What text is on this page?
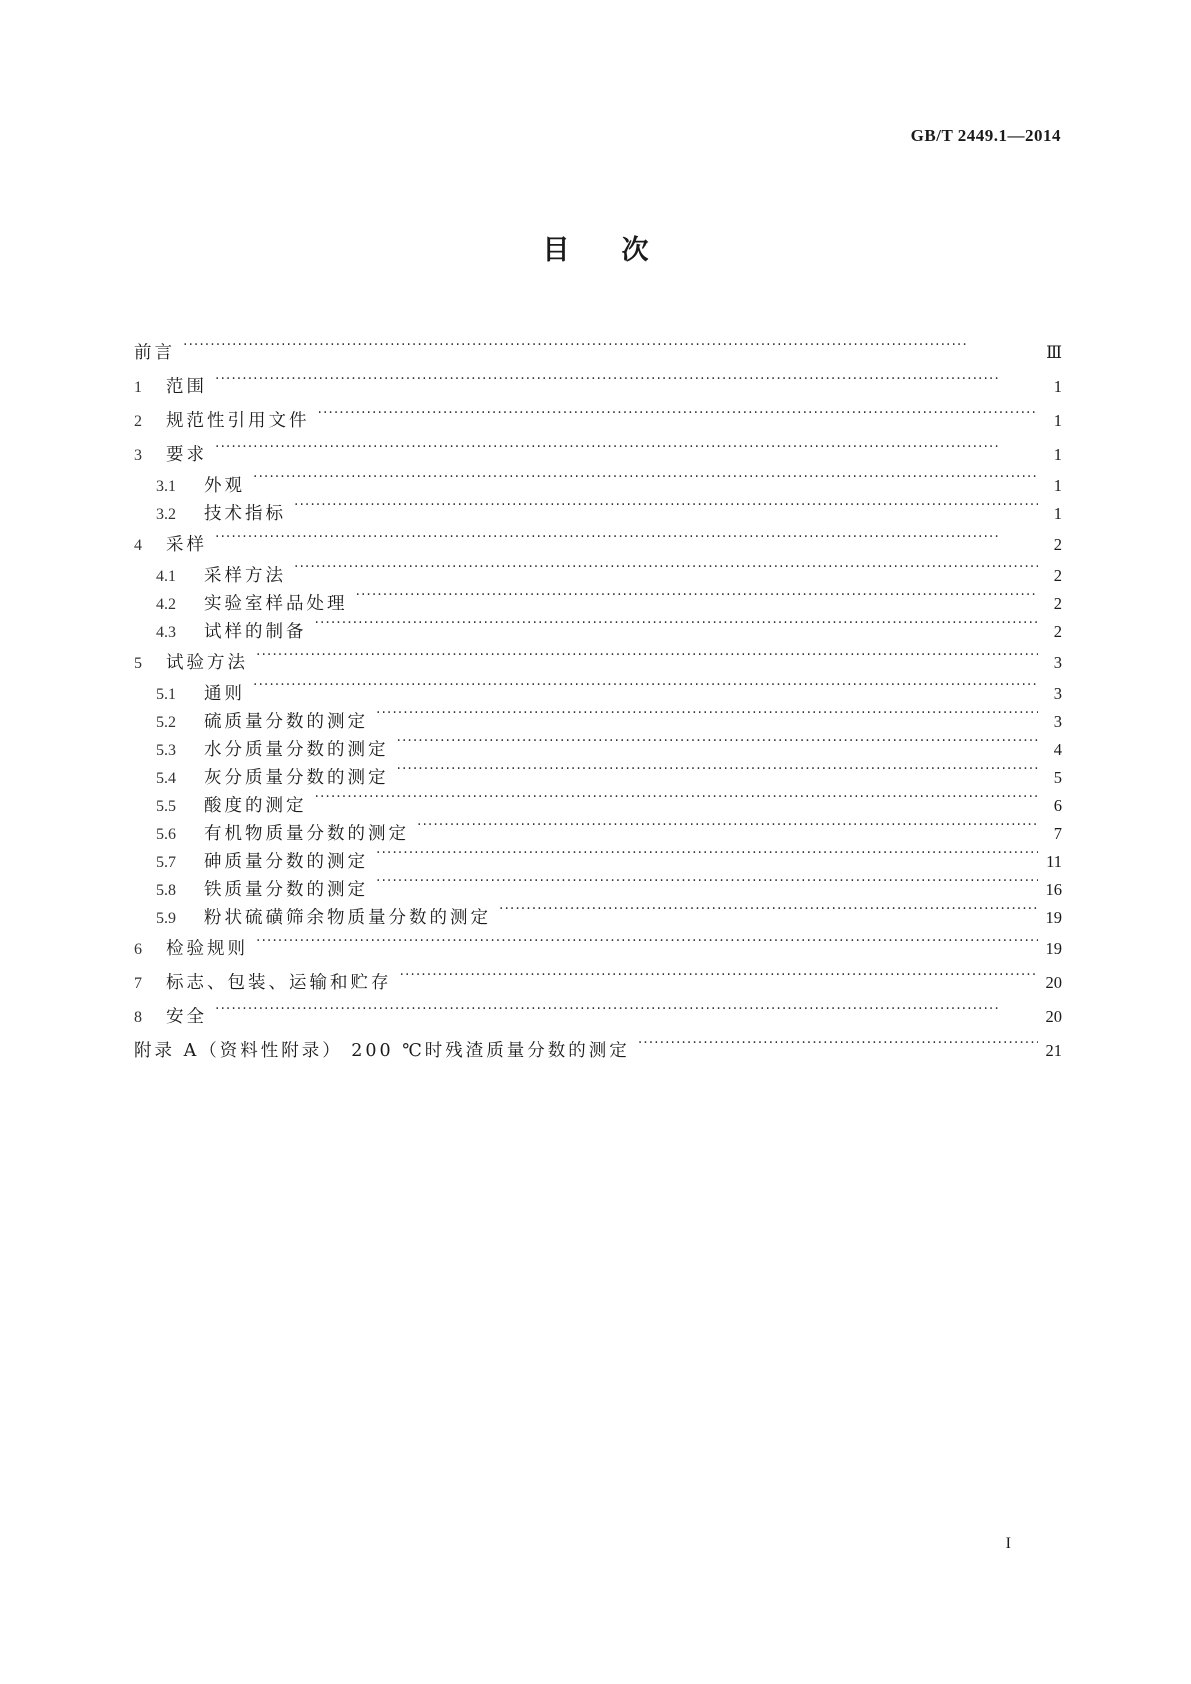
GB/T 2449.1—2014
目次
前言 ·····	Ⅲ
1	范围 ·····	1
2	规范性引用文件 ·····	1
3	要求 ·····	1
3.1	外观 ·····	1
3.2	技术指标 ·····	1
4	采样 ·····	2
4.1	采样方法 ·····	2
4.2	实验室样品处理 ·····	2
4.3	试样的制备 ·····	2
5	试验方法 ·····	3
5.1	通则 ·····	3
5.2	硫质量分数的测定 ·····	3
5.3	水分质量分数的测定 ·····	4
5.4	灰分质量分数的测定 ·····	5
5.5	酸度的测定 ·····	6
5.6	有机物质量分数的测定 ·····	7
5.7	砷质量分数的测定 ·····	11
5.8	铁质量分数的测定 ·····	16
5.9	粉状硫磺筛余物质量分数的测定 ·····	19
6	检验规则 ·····	19
7	标志、包装、运输和贮存 ·····	20
8	安全 ·····	20
附录 A（资料性附录） 200 ℃时残渣质量分数的测定 ·····	21
I
